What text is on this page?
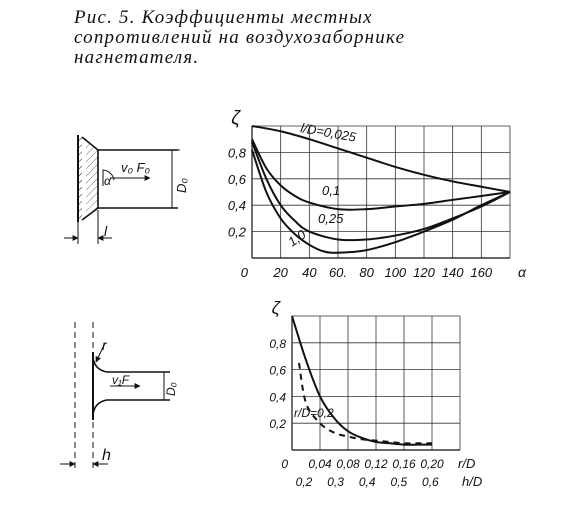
Рис. 5. Коэффициенты местных сопротивлений на воздухозаборнике нагнетателя.

v₀ F₀
α	D₀
l
r
v₁F
D₀
h
0,2
0,4
0,6
0,8
ζ
0 20 40 60. 80 100 120 140 160 α
l/D=0,025
0,1
0,25
1,0
0,2
0,4
0,6
0,8
ζ
0 0,04 0,08 0,12 0,16 0,20 r/D
0,2 0,3 0,4 0,5 0,6 h/D
r/D=0,2
